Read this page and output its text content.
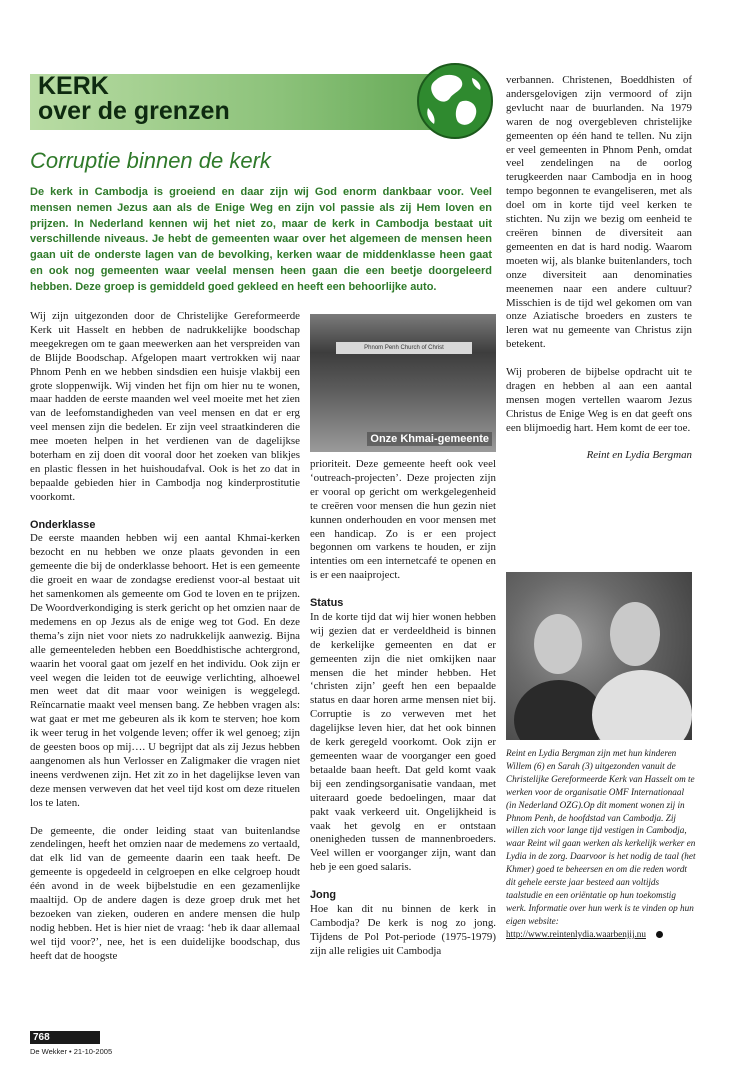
KERK
over de grenzen
Corruptie binnen de kerk
De kerk in Cambodja is groeiend en daar zijn wij God enorm dankbaar voor. Veel mensen nemen Jezus aan als de Enige Weg en zijn vol passie als zij Hem loven en prijzen. In Nederland kennen wij het niet zo, maar de kerk in Cambodja bestaat uit verschillende niveaus. Je hebt de gemeenten waar over het algemeen de mensen heen gaan uit de onderste lagen van de bevolking, kerken waar de middenklasse heen gaat en ook nog gemeenten waar veelal mensen heen gaan die een beetje doorgeleerd hebben. Deze groep is gemiddeld goed gekleed en heeft een behoorlijke auto.

Wij zijn uitgezonden door de Christelijke Gereformeerde Kerk uit Hasselt en hebben de nadrukkelijke boodschap meegekregen om te gaan meewerken aan het verspreiden van de Blijde Boodschap. Afgelopen maart vertrokken wij naar Phnom Penh en we hebben sindsdien een huisje vlakbij een grote sloppenwijk. Wij vinden het fijn om hier nu te wonen, maar hadden de eerste maanden wel veel moeite met het zien van de leefomstandigheden van veel mensen en dat er erg veel mensen zijn die bedelen. Er zijn veel straatkinderen die mee moeten helpen in het verdienen van de dagelijkse boterham en zij doen dit vooral door het zoeken van blikjes en plastic flessen in het huishoudafval. Ook is het zo dat in bepaalde gebieden hier in Cambodja nog kinderprostitutie voorkomt.

Onderklasse

De eerste maanden hebben wij een aantal Khmai-kerken bezocht en nu hebben we onze plaats gevonden in een gemeente die bij de onderklasse behoort. Het is een gemeente die groeit en waar de zondagse eredienst voor-al bestaat uit het samenkomen als gemeente om God te loven en te prijzen. De Woordverkondiging is sterk gericht op het omzien naar de medemens en op Jezus als de enige weg tot God. En deze thema’s zijn niet voor niets zo nadrukkelijk aanwezig. Bijna alle gemeenteleden hebben een Boeddhistische achtergrond, waarin het vooral gaat om jezelf en het individu. Ook zijn er veel wegen die leiden tot de eeuwige verlichting, alhoewel men weet dat dit maar voor weinigen is weggelegd. Reïncarnatie maakt veel mensen bang. Ze hebben vragen als: wat gaat er met me gebeuren als ik kom te sterven; hoe kom ik weer terug in het volgende leven; offer ik wel genoeg; zijn de geesten boos op mij…. U begrijpt dat als zij Jezus hebben aangenomen als hun Verlosser en Zaligmaker die vragen niet ineens verdwenen zijn. Het zit zo in het dagelijkse leven van deze mensen verweven dat het veel tijd kost om deze rituelen los te laten.

De gemeente, die onder leiding staat van buitenlandse zendelingen, heeft het omzien naar de medemens zo vertaald, dat elk lid van de gemeente daarin een taak heeft. De gemeente is opgedeeld in celgroepen en elke celgroep houdt één avond in de week bijbelstudie en een gezamenlijke maaltijd. Op de andere dagen is deze groep druk met het bezoeken van zieken, ouderen en andere mensen die hulp nodig hebben. Het is hier niet de vraag: ‘heb ik daar allemaal wel tijd voor?’, nee, het is een duidelijke boodschap, dus heeft dat de hoogste

Phnom Penh Church of Christ
Onze Khmai-gemeente

prioriteit. Deze gemeente heeft ook veel ‘outreach-projecten’. Deze projecten zijn er vooral op gericht om werkgelegenheid te creëren voor mensen die hun gezin niet kunnen onderhouden en voor mensen met een handicap. Zo is er een project begonnen om varkens te houden, er zijn intenties om een internetcafé te openen en is er een naaiproject.

Status

In de korte tijd dat wij hier wonen hebben wij gezien dat er verdeeldheid is binnen de kerkelijke gemeenten en dat er gemeenten zijn die niet omkijken naar mensen die het minder hebben. Het ‘christen zijn’ geeft hen een bepaalde status en daar horen arme mensen niet bij. Corruptie is zo verweven met het dagelijkse leven hier, dat het ook binnen de kerk geregeld voorkomt. Ook zijn er gemeenten waar de voorganger een goed betaalde baan heeft. Dat geld komt vaak bij een zendingsorganisatie vandaan, met uiteraard goede bedoelingen, maar dat pakt vaak verkeerd uit. Ongelijkheid is vaak het gevolg en er ontstaan onenigheden tussen de mannenbroeders. Veel willen er voorganger zijn, want dan heb je een goed salaris.

Jong

Hoe kan dit nu binnen de kerk in Cambodja? De kerk is nog zo jong. Tijdens de Pol Pot-periode (1975-1979) zijn alle religies uit Cambodja

verbannen. Christenen, Boeddhisten of andersgelovigen zijn vermoord of zijn gevlucht naar de buurlanden. Na 1979 waren de nog overgebleven christelijke gemeenten op één hand te tellen. Nu zijn er veel gemeenten in Phnom Penh, omdat veel zendelingen na de oorlog terugkeerden naar Cambodja en in hoog tempo begonnen te evangeliseren, met als doel om in korte tijd veel kerken te stichten. Nu zijn we bezig om eenheid te creëren binnen de diversiteit aan gemeenten en dat is hard nodig. Waarom moeten wij, als blanke buitenlanders, toch onze diversiteit aan denominaties meenemen naar een andere cultuur? Misschien is de tijd wel gekomen om van onze Aziatische broeders en zusters te leren wat nu gemeente van Christus zijn betekent.

Wij proberen de bijbelse opdracht uit te dragen en hebben al aan een aantal mensen mogen vertellen waarom Jezus Christus de Enige Weg is en dat geeft ons een blijmoedig hart. Hem komt de eer toe.

Reint en Lydia Bergman

Reint en Lydia Bergman zijn met hun kinderen Willem (6) en Sarah (3) uitgezonden vanuit de Christelijke Gereformeerde Kerk van Hasselt om te werken voor de organisatie OMF Internationaal (in Nederland OZG).Op dit moment wonen zij in Phnom Penh, de hoofdstad van Cambodja. Zij willen zich voor lange tijd vestigen in Cambodja, waar Reint wil gaan werken als kerkelijk werker en Lydia in de zorg. Daarvoor is het nodig de taal (het Khmer) goed te beheersen en om die reden wordt dit gehele eerste jaar besteed aan voltijds taalstudie en een oriëntatie op hun toekomstig werk. Informatie over hun werk is te vinden op hun eigen website:
http://www.reintenlydia.waarbenjij.nu
768
De Wekker • 21-10-2005
